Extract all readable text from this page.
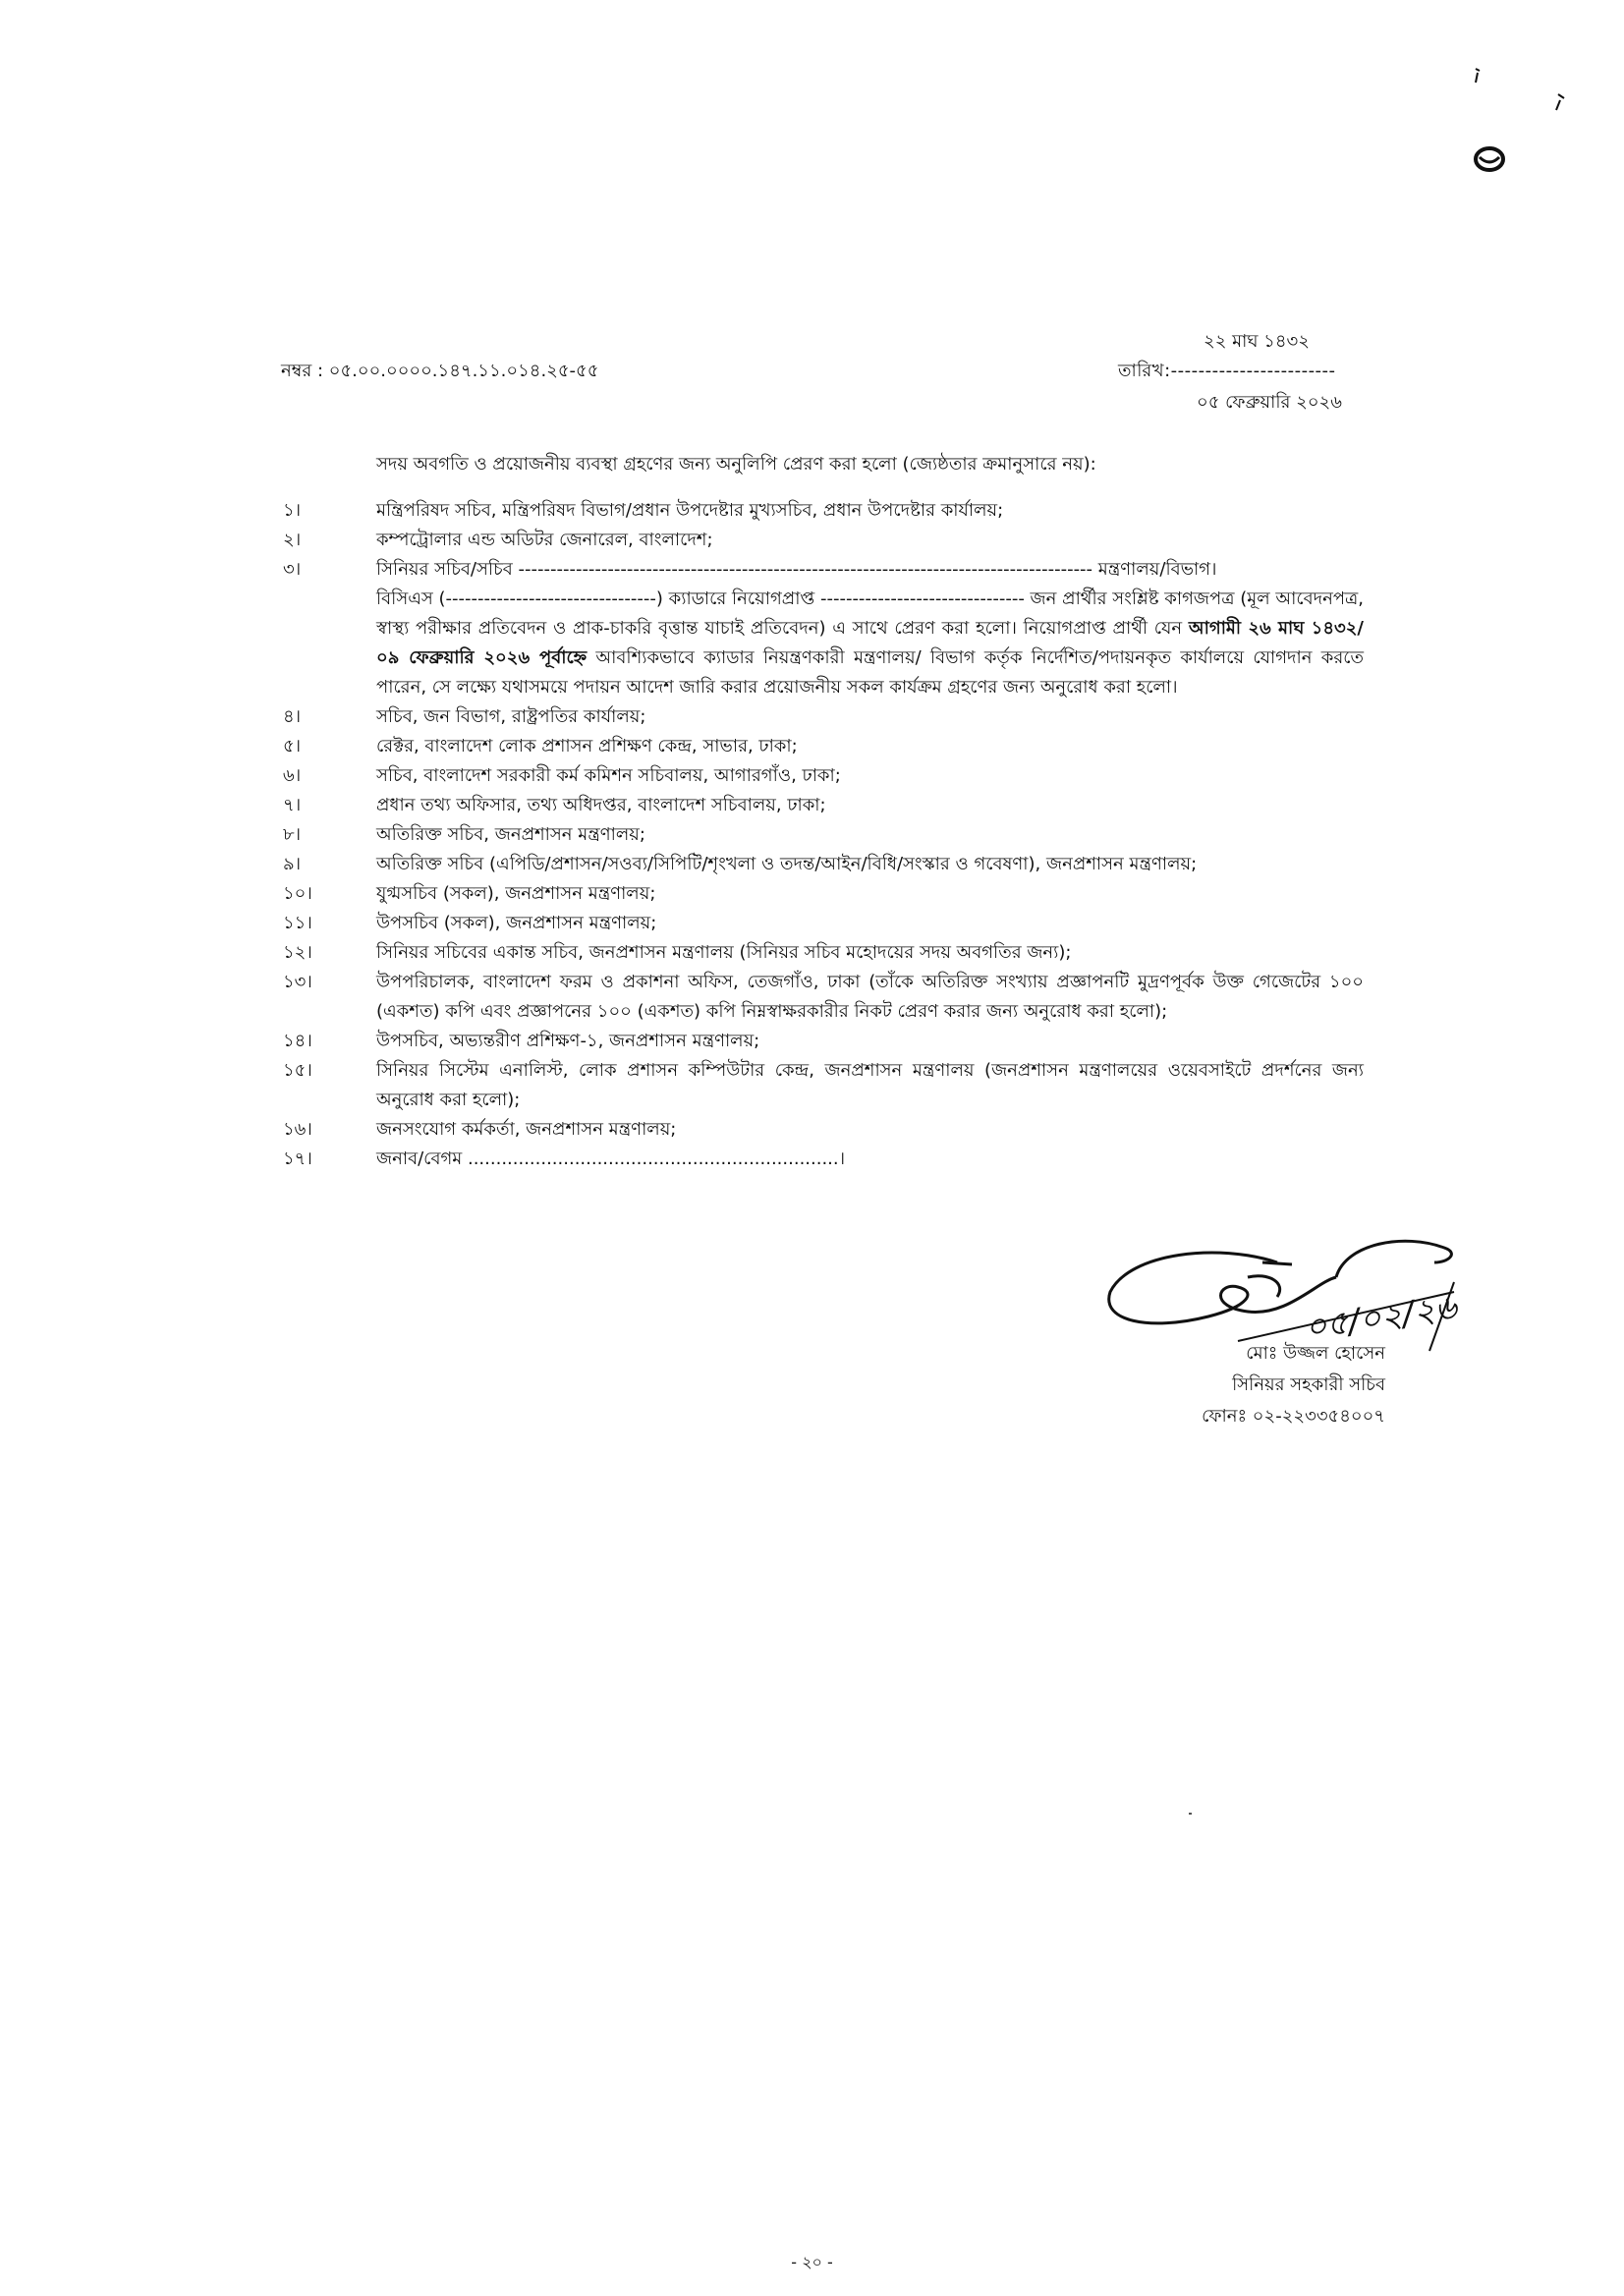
২২ মাঘ ১৪৩২
নম্বর : ০৫.০০.০০০০.১৪৭.১১.০১৪.২৫-৫৫	তারিখ:------------------------
০৫ ফেব্রুয়ারি ২০২৬
সদয় অবগতি ও প্রয়োজনীয় ব্যবস্থা গ্রহণের জন্য অনুলিপি প্রেরণ করা হলো (জ্যেষ্ঠতার ক্রমানুসারে নয়):
১।	মন্ত্রিপরিষদ সচিব, মন্ত্রিপরিষদ বিভাগ/প্রধান উপদেষ্টার মুখ্যসচিব, প্রধান উপদেষ্টার কার্যালয়;
২।	কম্পট্রোলার এন্ড অডিটর জেনারেল, বাংলাদেশ;
৩।	সিনিয়র সচিব/সচিব ------------------------------------------------------------------------------------------ মন্ত্রণালয়/বিভাগ।
বিসিএস (---------------------------------) ক্যাডারে নিয়োগপ্রাপ্ত -------------------------------- জন প্রার্থীর সংশ্লিষ্ট কাগজপত্র (মূল আবেদনপত্র, স্বাস্থ্য পরীক্ষার প্রতিবেদন ও প্রাক-চাকরি বৃত্তান্ত যাচাই প্রতিবেদন) এ সাথে প্রেরণ করা হলো। নিয়োগপ্রাপ্ত প্রার্থী যেন আগামী ২৬ মাঘ ১৪৩২/ ০৯ ফেব্রুয়ারি ২০২৬ পূর্বাহ্নে আবশ্যিকভাবে ক্যাডার নিয়ন্ত্রণকারী মন্ত্রণালয়/ বিভাগ কর্তৃক নির্দেশিত/পদায়নকৃত কার্যালয়ে যোগদান করতে পারেন, সে লক্ষ্যে যথাসময়ে পদায়ন আদেশ জারি করার প্রয়োজনীয় সকল কার্যক্রম গ্রহণের জন্য অনুরোধ করা হলো।
৪।	সচিব, জন বিভাগ, রাষ্ট্রপতির কার্যালয়;
৫।	রেক্টর, বাংলাদেশ লোক প্রশাসন প্রশিক্ষণ কেন্দ্র, সাভার, ঢাকা;
৬।	সচিব, বাংলাদেশ সরকারী কর্ম কমিশন সচিবালয়, আগারগাঁও, ঢাকা;
৭।	প্রধান তথ্য অফিসার, তথ্য অধিদপ্তর, বাংলাদেশ সচিবালয়, ঢাকা;
৮।	অতিরিক্ত সচিব, জনপ্রশাসন মন্ত্রণালয়;
৯।	অতিরিক্ত সচিব (এপিডি/প্রশাসন/সওব্য/সিপিটি/শৃংখলা ও তদন্ত/আইন/বিধি/সংস্কার ও গবেষণা), জনপ্রশাসন মন্ত্রণালয়;
১০।	যুগ্মসচিব (সকল), জনপ্রশাসন মন্ত্রণালয়;
১১।	উপসচিব (সকল), জনপ্রশাসন মন্ত্রণালয়;
১২।	সিনিয়র সচিবের একান্ত সচিব, জনপ্রশাসন মন্ত্রণালয় (সিনিয়র সচিব মহোদয়ের সদয় অবগতির জন্য);
১৩।	উপপরিচালক, বাংলাদেশ ফরম ও প্রকাশনা অফিস, তেজগাঁও, ঢাকা (তাঁকে অতিরিক্ত সংখ্যায় প্রজ্ঞাপনটি মুদ্রণপূর্বক উক্ত গেজেটের ১০০ (একশত) কপি এবং প্রজ্ঞাপনের ১০০ (একশত) কপি নিম্নস্বাক্ষরকারীর নিকট প্রেরণ করার জন্য অনুরোধ করা হলো);
১৪।	উপসচিব, অভ্যন্তরীণ প্রশিক্ষণ-১, জনপ্রশাসন মন্ত্রণালয়;
১৫।	সিনিয়র সিস্টেম এনালিস্ট, লোক প্রশাসন কম্পিউটার কেন্দ্র, জনপ্রশাসন মন্ত্রণালয় (জনপ্রশাসন মন্ত্রণালয়ের ওয়েবসাইটে প্রদর্শনের জন্য অনুরোধ করা হলো);
১৬।	জনসংযোগ কর্মকর্তা, জনপ্রশাসন মন্ত্রণালয়;
১৭।	জনাব/বেগম ..................................................................।
০৫/০২/২৬
মোঃ উজ্জল হোসেন
সিনিয়র সহকারী সচিব
ফোনঃ ০২-২২৩৩৫৪০০৭
- ২০ -
